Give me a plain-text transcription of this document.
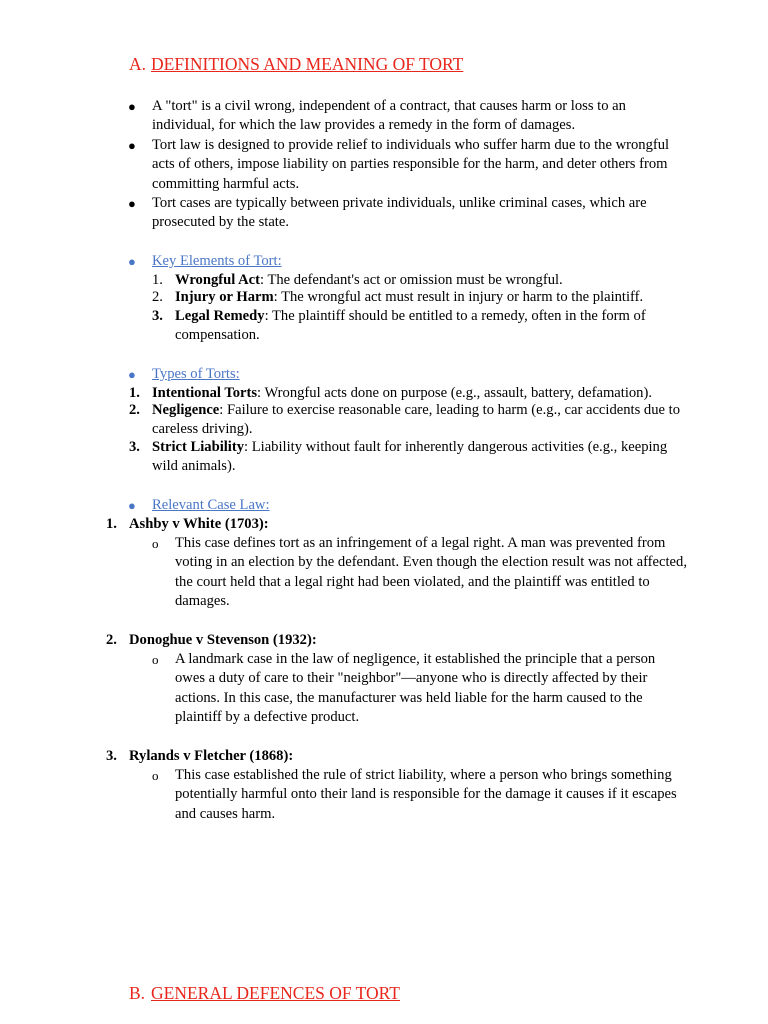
A. DEFINITIONS AND MEANING OF TORT
● A "tort" is a civil wrong, independent of a contract, that causes harm or loss to an individual, for which the law provides a remedy in the form of damages.
● Tort law is designed to provide relief to individuals who suffer harm due to the wrongful acts of others, impose liability on parties responsible for the harm, and deter others from committing harmful acts.
● Tort cases are typically between private individuals, unlike criminal cases, which are prosecuted by the state.
● Key Elements of Tort:
1. Wrongful Act: The defendant's act or omission must be wrongful.
2. Injury or Harm: The wrongful act must result in injury or harm to the plaintiff.
3. Legal Remedy: The plaintiff should be entitled to a remedy, often in the form of compensation.
● Types of Torts:
1. Intentional Torts: Wrongful acts done on purpose (e.g., assault, battery, defamation).
2. Negligence: Failure to exercise reasonable care, leading to harm (e.g., car accidents due to careless driving).
3. Strict Liability: Liability without fault for inherently dangerous activities (e.g., keeping wild animals).
● Relevant Case Law:
1. Ashby v White (1703):
o This case defines tort as an infringement of a legal right. A man was prevented from voting in an election by the defendant. Even though the election result was not affected, the court held that a legal right had been violated, and the plaintiff was entitled to damages.
2. Donoghue v Stevenson (1932):
o A landmark case in the law of negligence, it established the principle that a person owes a duty of care to their "neighbor"—anyone who is directly affected by their actions. In this case, the manufacturer was held liable for the harm caused to the plaintiff by a defective product.
3. Rylands v Fletcher (1868):
o This case established the rule of strict liability, where a person who brings something potentially harmful onto their land is responsible for the damage it causes if it escapes and causes harm.
B. GENERAL DEFENCES OF TORT
